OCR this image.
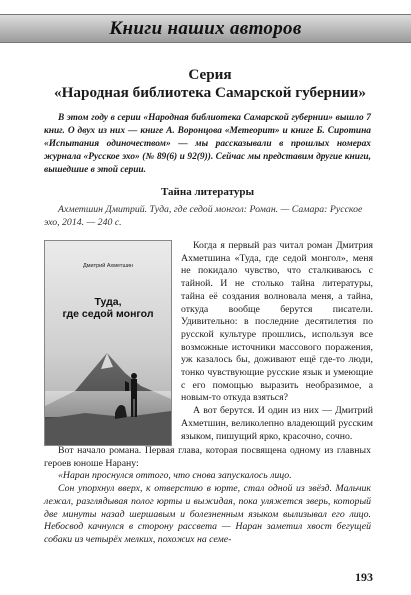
Книги наших авторов
Серия
«Народная библиотека Самарской губернии»

В этом году в серии «Народная библиотека Самарской губернии» вышло 7 книг. О двух из них — книге А. Воронцова «Метеорит» и книге Б. Сиротина «Испытания одиночеством» — мы рассказывали в прошлых номерах журнала «Русское эхо» (№ 89(6) и 92(9)). Сейчас мы представим другие книги, вышедшие в этой серии.

Тайна литературы

Ахметшин Дмитрий. Туда, где седой монгол: Роман. — Самара: Русское эхо, 2014. — 240 с.

Дмитрий Ахметшин
Туда,
где седой монгол

Когда я первый раз читал роман Дмитрия Ахметшина «Туда, где седой монгол», меня не покидало чувство, что сталкиваюсь с тайной. И не столько тайна литературы, тайна её создания волновала меня, а тайна, откуда вообще берутся писатели. Удивительно: в последние десятилетия по русской культуре прошлись, используя все возможные источники массового поражения, уж казалось бы, доживают ещё где-то люди, тонко чувствующие русские язык и умеющие с его помощью выразить необразимое, а новым-то откуда взяться?

А вот берутся. И один из них — Дмитрий Ахметшин, великолепно владеющий русским языком, пишущий ярко, красочно, сочно.

Вот начало романа. Первая глава, которая посвящена одному из главных героев юноше Нарану:

«Наран проснулся оттого, что снова запускалось лицо.

Сон упорхнул вверх, к отверстию в юрте, стал одной из звёзд. Мальчик лежал, разглядывая полог юрты и выжидая, пока уляжется зверь, который две минуты назад шершавым и болезненным языком вылизывал его лицо. Небосвод качнулся в сторону рассвета — Наран заметил хвост бегущей собаки из четырёх мелких, похожих на семе-

193
